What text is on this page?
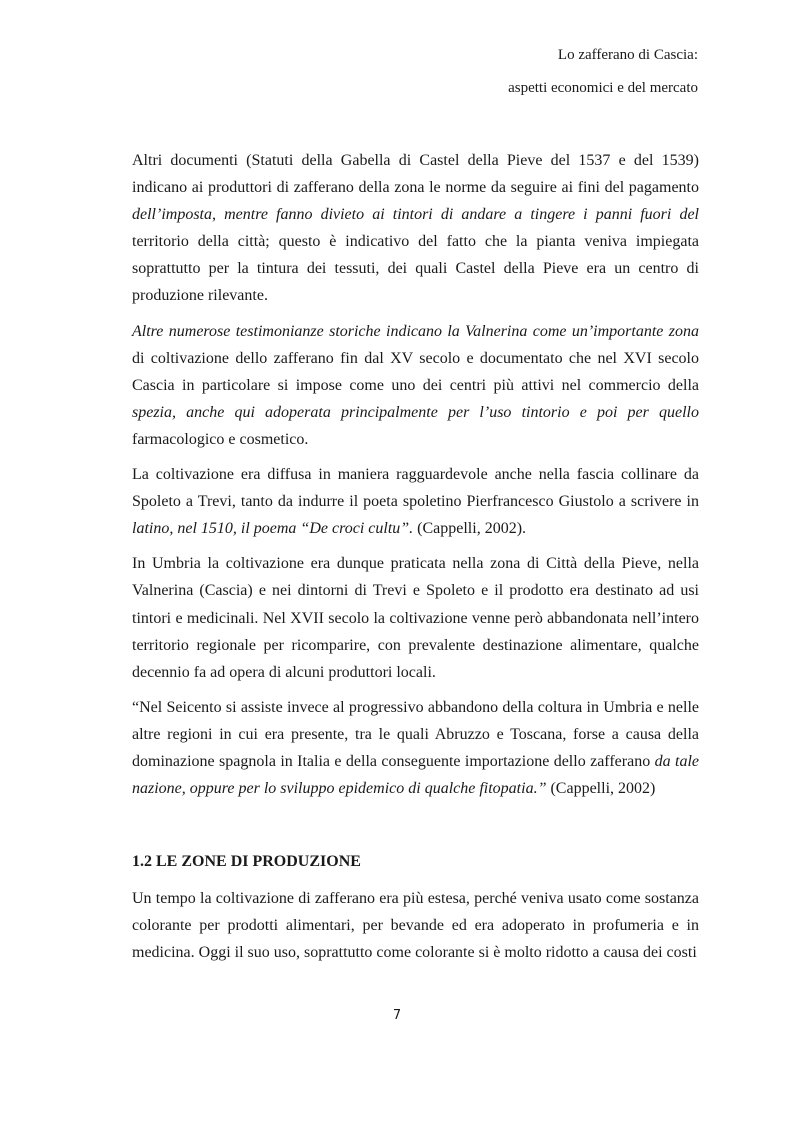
Lo zafferano di Cascia:
aspetti economici e del mercato

Altri documenti (Statuti della Gabella di Castel della Pieve del 1537 e del 1539) indicano ai produttori di zafferano della zona le norme da seguire ai fini del pagamento dell’imposta, mentre fanno divieto ai tintori di andare a tingere i panni fuori del territorio della città; questo è indicativo del fatto che la pianta veniva impiegata soprattutto per la tintura dei tessuti, dei quali Castel della Pieve era un centro di produzione rilevante.

Altre numerose testimonianze storiche indicano la Valnerina come un’importante zona di coltivazione dello zafferano fin dal XV secolo e documentato che nel XVI secolo Cascia in particolare si impose come uno dei centri più attivi nel commercio della spezia, anche qui adoperata principalmente per l’uso tintorio e poi per quello farmacologico e cosmetico.

La coltivazione era diffusa in maniera ragguardevole anche nella fascia collinare da Spoleto a Trevi, tanto da indurre il poeta spoletino Pierfrancesco Giustolo a scrivere in latino, nel 1510, il poema “De croci cultu”. (Cappelli, 2002).

In Umbria la coltivazione era dunque praticata nella zona di Città della Pieve, nella Valnerina (Cascia) e nei dintorni di Trevi e Spoleto e il prodotto era destinato ad usi tintori e medicinali. Nel XVII secolo la coltivazione venne però abbandonata nell’intero territorio regionale per ricomparire, con prevalente destinazione alimentare, qualche decennio fa ad opera di alcuni produttori locali.

“Nel Seicento si assiste invece al progressivo abbandono della coltura in Umbria e nelle altre regioni in cui era presente, tra le quali Abruzzo e Toscana, forse a causa della dominazione spagnola in Italia e della conseguente importazione dello zafferano da tale nazione, oppure per lo sviluppo epidemico di qualche fitopatia.” (Cappelli, 2002)

1.2 LE ZONE DI PRODUZIONE

Un tempo la coltivazione di zafferano era più estesa, perché veniva usato come sostanza colorante per prodotti alimentari, per bevande ed era adoperato in profumeria e in medicina. Oggi il suo uso, soprattutto come colorante si è molto ridotto a causa dei costi

7
